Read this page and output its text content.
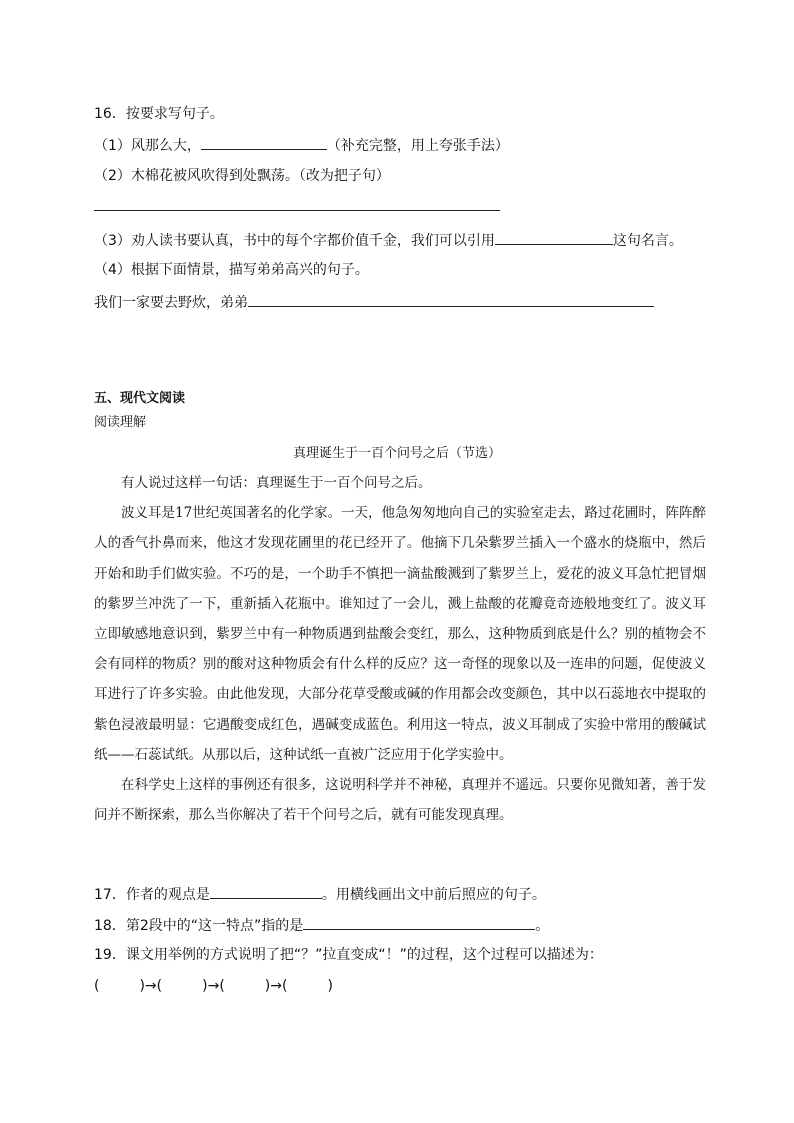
16．按要求写句子。
（1）风那么大，	（补充完整，用上夸张手法）
（2）木棉花被风吹得到处飘荡。（改为把子句）
（3）劝人读书要认真，书中的每个字都价值千金，我们可以引用	这句名言。
（4）根据下面情景，描写弟弟高兴的句子。
我们一家要去野炊，弟弟
五、现代文阅读
阅读理解
真理诞生于一百个问号之后（节选）

有人说过这样一句话：真理诞生于一百个问号之后。

波义耳是17世纪英国著名的化学家。一天，他急匆匆地向自己的实验室走去，路过花圃时，阵阵醉人的香气扑鼻而来，他这才发现花圃里的花已经开了。他摘下几朵紫罗兰插入一个盛水的烧瓶中，然后开始和助手们做实验。不巧的是，一个助手不慎把一滴盐酸溅到了紫罗兰上，爱花的波义耳急忙把冒烟的紫罗兰冲洗了一下，重新插入花瓶中。谁知过了一会儿，溅上盐酸的花瓣竟奇迹般地变红了。波义耳立即敏感地意识到，紫罗兰中有一种物质遇到盐酸会变红，那么，这种物质到底是什么？别的植物会不会有同样的物质？别的酸对这种物质会有什么样的反应？这一奇怪的现象以及一连串的问题，促使波义耳进行了许多实验。由此他发现，大部分花草受酸或碱的作用都会改变颜色，其中以石蕊地衣中提取的紫色浸液最明显：它遇酸变成红色，遇碱变成蓝色。利用这一特点，波义耳制成了实验中常用的酸碱试纸——石蕊试纸。从那以后，这种试纸一直被广泛应用于化学实验中。

在科学史上这样的事例还有很多，这说明科学并不神秘，真理并不遥远。只要你见微知著，善于发问并不断探索，那么当你解决了若干个问号之后，就有可能发现真理。

17．作者的观点是	。用横线画出文中前后照应的句子。
18．第2段中的“这一特点”指的是	。
19．课文用举例的方式说明了把“？”拉直变成“！”的过程，这个过程可以描述为：
(	)→(	)→(	)→(	)
